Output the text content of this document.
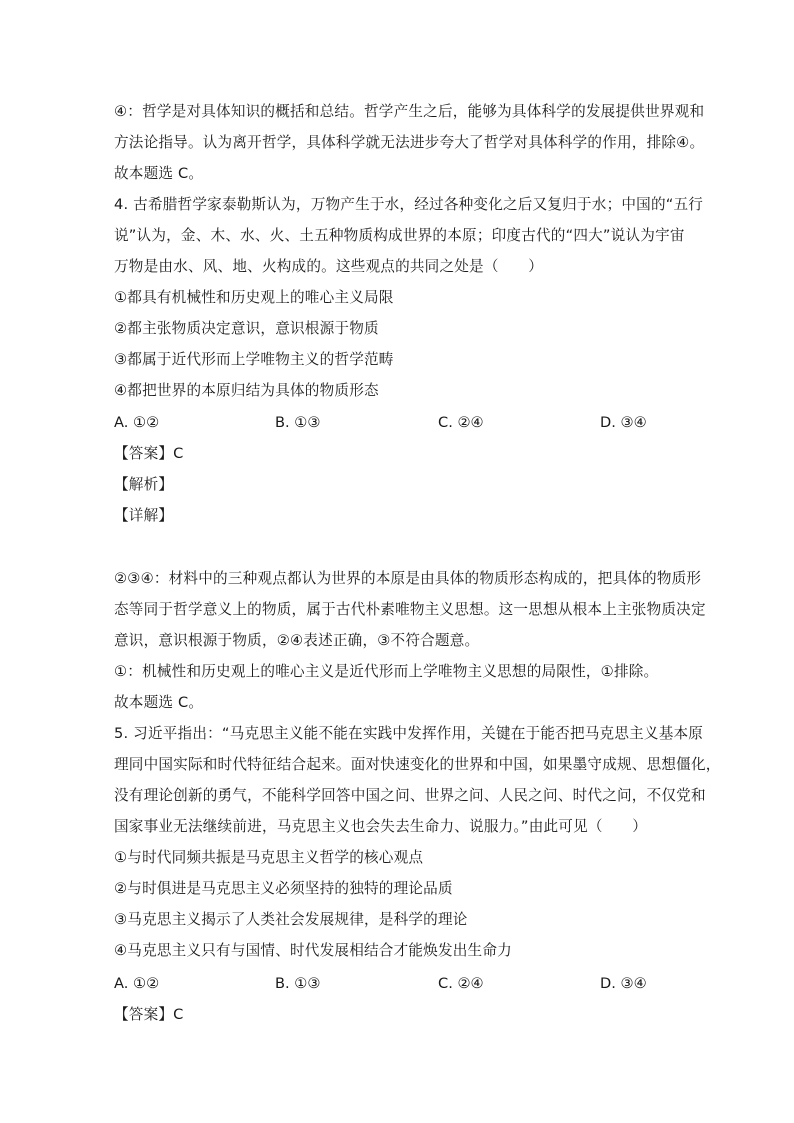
④：哲学是对具体知识的概括和总结。哲学产生之后，能够为具体科学的发展提供世界观和
方法论指导。认为离开哲学，具体科学就无法进步夸大了哲学对具体科学的作用，排除④。
故本题选 C。
4. 古希腊哲学家泰勒斯认为，万物产生于水，经过各种变化之后又复归于水；中国的“五行
说”认为，金、木、水、火、土五种物质构成世界的本原；印度古代的“四大”说认为宇宙
万物是由水、风、地、火构成的。这些观点的共同之处是（　　）
①都具有机械性和历史观上的唯心主义局限
②都主张物质决定意识，意识根源于物质
③都属于近代形而上学唯物主义的哲学范畴
④都把世界的本原归结为具体的物质形态
A. ①②	B. ①③	C. ②④	D. ③④
【答案】C
【解析】
【详解】
②③④：材料中的三种观点都认为世界的本原是由具体的物质形态构成的，把具体的物质形
态等同于哲学意义上的物质，属于古代朴素唯物主义思想。这一思想从根本上主张物质决定
意识，意识根源于物质，②④表述正确，③不符合题意。
①：机械性和历史观上的唯心主义是近代形而上学唯物主义思想的局限性，①排除。
故本题选 C。
5. 习近平指出：“马克思主义能不能在实践中发挥作用，关键在于能否把马克思主义基本原
理同中国实际和时代特征结合起来。面对快速变化的世界和中国，如果墨守成规、思想僵化，
没有理论创新的勇气，不能科学回答中国之问、世界之问、人民之问、时代之问，不仅党和
国家事业无法继续前进，马克思主义也会失去生命力、说服力。”由此可见（　　）
①与时代同频共振是马克思主义哲学的核心观点
②与时俱进是马克思主义必须坚持的独特的理论品质
③马克思主义揭示了人类社会发展规律，是科学的理论
④马克思主义只有与国情、时代发展相结合才能焕发出生命力
A. ①②	B. ①③	C. ②④	D. ③④
【答案】C
